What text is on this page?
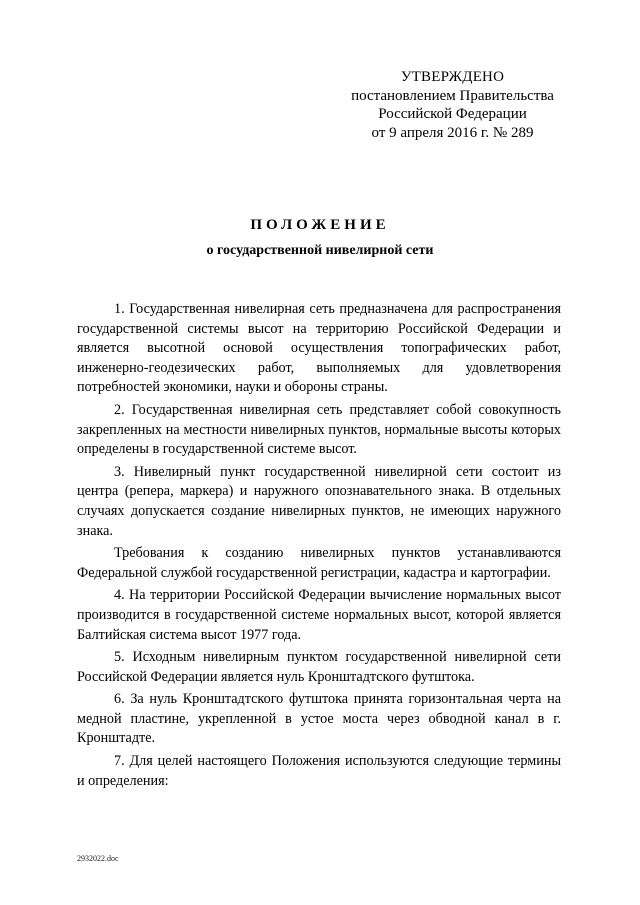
УТВЕРЖДЕНО
постановлением Правительства
Российской Федерации
от 9 апреля 2016 г. № 289
ПОЛОЖЕНИЕ
о государственной нивелирной сети

1. Государственная нивелирная сеть предназначена для распространения государственной системы высот на территорию Российской Федерации и является высотной основой осуществления топографических работ, инженерно-геодезических работ, выполняемых для удовлетворения потребностей экономики, науки и обороны страны.

2. Государственная нивелирная сеть представляет собой совокупность закрепленных на местности нивелирных пунктов, нормальные высоты которых определены в государственной системе высот.

3. Нивелирный пункт государственной нивелирной сети состоит из центра (репера, маркера) и наружного опознавательного знака. В отдельных случаях допускается создание нивелирных пунктов, не имеющих наружного знака.

Требования к созданию нивелирных пунктов устанавливаются Федеральной службой государственной регистрации, кадастра и картографии.

4. На территории Российской Федерации вычисление нормальных высот производится в государственной системе нормальных высот, которой является Балтийская система высот 1977 года.

5. Исходным нивелирным пунктом государственной нивелирной сети Российской Федерации является нуль Кронштадтского футштока.

6. За нуль Кронштадтского футштока принята горизонтальная черта на медной пластине, укрепленной в устое моста через обводной канал в г. Кронштадте.

7. Для целей настоящего Положения используются следующие термины и определения:

2932022.doc
